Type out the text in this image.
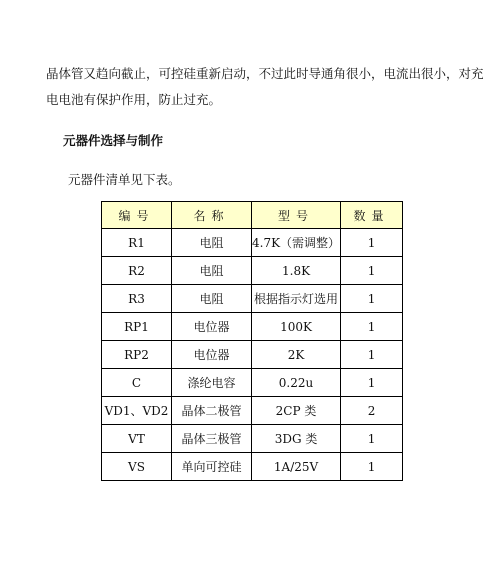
晶体管又趋向截止，可控硅重新启动，不过此时导通角很小，电流出很小，对充
电电池有保护作用，防止过充。
元器件选择与制作
元器件清单见下表。
编号	名称	型号	数量
R1	电阻	4.7K（需调整）	1
R2	电阻	1.8K	1
R3	电阻	根据指示灯选用	1
RP1	电位器	100K	1
RP2	电位器	2K	1
C	涤纶电容	0.22u	1
VD1、VD2	晶体二极管	2CP 类	2
VT	晶体三极管	3DG 类	1
VS	单向可控硅	1A/25V	1
